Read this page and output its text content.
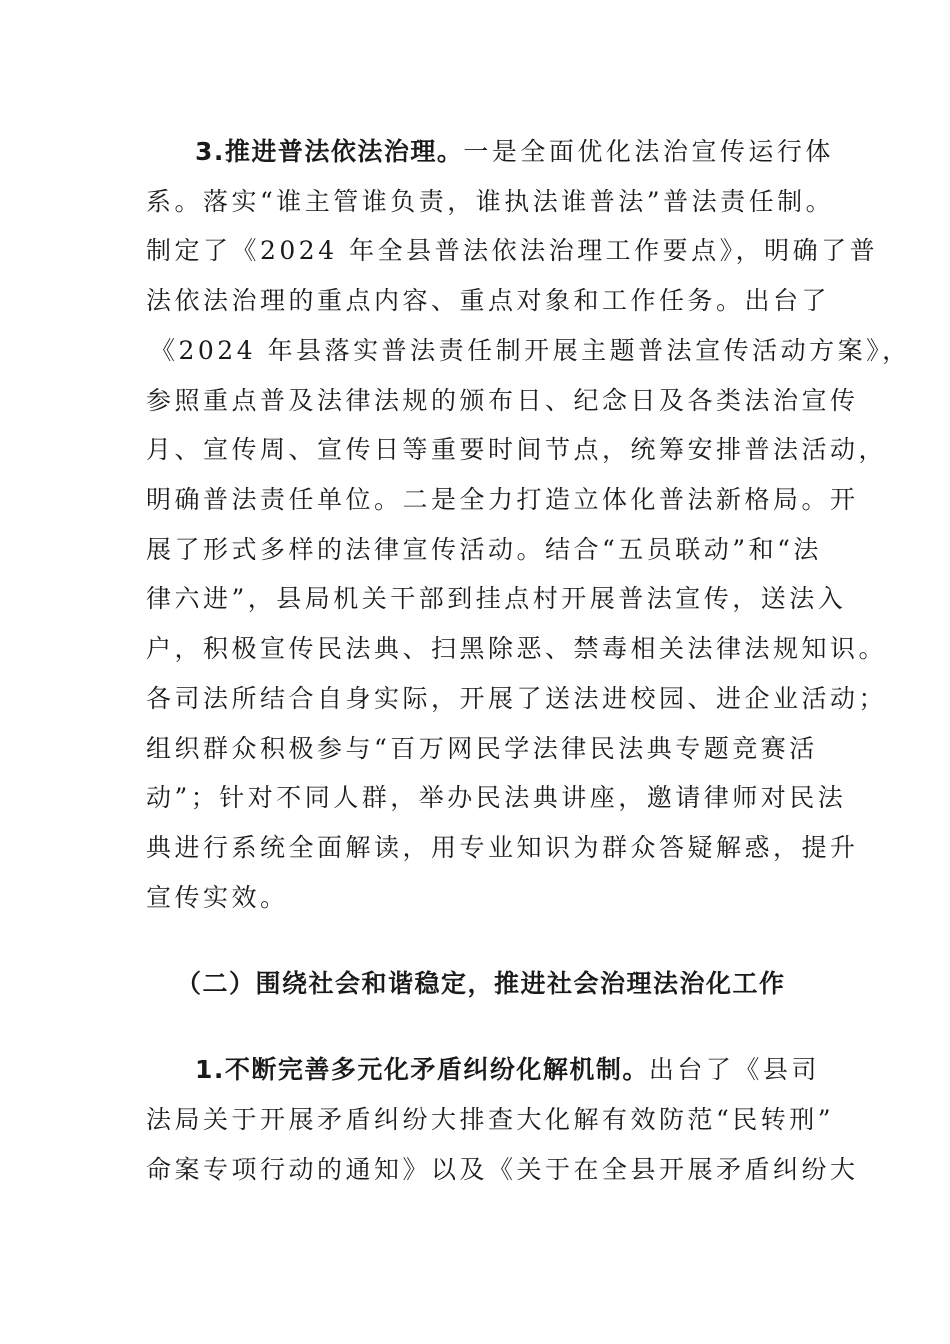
3.推进普法依法治理。一是全面优化法治宣传运行体
系。落实“谁主管谁负责，谁执法谁普法”普法责任制。
制定了《2024 年全县普法依法治理工作要点》，明确了普
法依法治理的重点内容、重点对象和工作任务。出台了
《2024 年县落实普法责任制开展主题普法宣传活动方案》，
参照重点普及法律法规的颁布日、纪念日及各类法治宣传
月、宣传周、宣传日等重要时间节点，统筹安排普法活动，
明确普法责任单位。二是全力打造立体化普法新格局。开
展了形式多样的法律宣传活动。结合“五员联动”和“法
律六进”，县局机关干部到挂点村开展普法宣传，送法入
户，积极宣传民法典、扫黑除恶、禁毒相关法律法规知识。
各司法所结合自身实际，开展了送法进校园、进企业活动；
组织群众积极参与“百万网民学法律民法典专题竞赛活
动”；针对不同人群，举办民法典讲座，邀请律师对民法
典进行系统全面解读，用专业知识为群众答疑解惑，提升
宣传实效。
（二）围绕社会和谐稳定，推进社会治理法治化工作
1.不断完善多元化矛盾纠纷化解机制。出台了《县司
法局关于开展矛盾纠纷大排查大化解有效防范“民转刑”
命案专项行动的通知》以及《关于在全县开展矛盾纠纷大
